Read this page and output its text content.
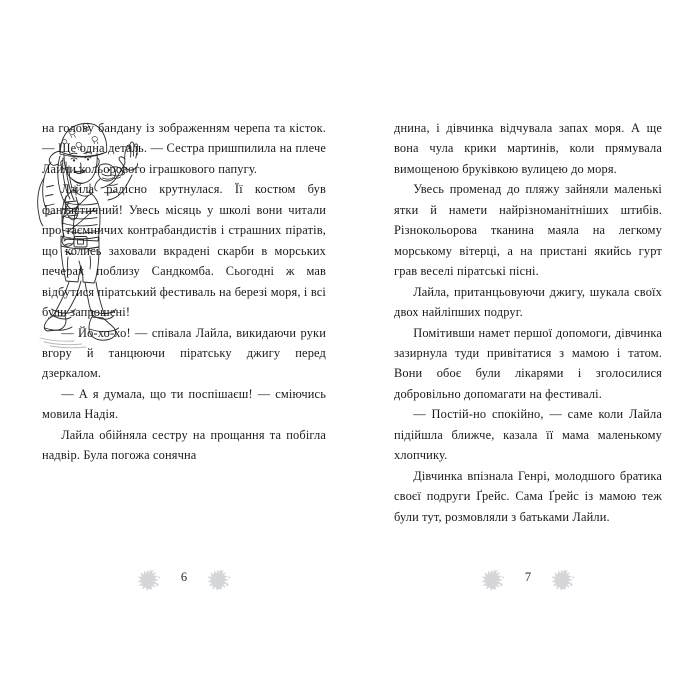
на голову бандану із зображенням черепа та кісток. — Ще одна деталь. — Сестра пришпилила на плече Лайли кольорового іграшкового папугу.

Лайла радісно крутнулася. Її костюм був фантастичний! Увесь місяць у школі вони читали про таємничих контрабандистів і страшних піратів, що колись заховали вкрадені скарби в морських печерах поблизу Сандкомба. Сьогодні ж мав відбутися піратський фестиваль на березі моря, і всі були запрошені!

— Йо-хо-хо! — співала Лайла, викидаючи руки вгору й танцюючи піратську джигу перед дзеркалом.

— А я думала, що ти поспішаєш! — сміючись мовила Надія.

Лайла обійняла сестру на прощання та побігла надвір. Була погожа сонячна

днина, і дівчинка відчувала запах моря. А ще вона чула крики мартинів, коли прямувала вимощеною бруківкою вулицею до моря.

Увесь променад до пляжу зайняли маленькі ятки й намети найрізноманітніших штибів. Різнокольорова тканина маяла на легкому морському вітерці, а на пристані якийсь гурт грав веселі піратські пісні.

Лайла, пританцьовуючи джигу, шукала своїх двох найліпших подруг.

Помітивши намет першої допомоги, дівчинка зазирнула туди привітатися з мамою і татом. Вони обоє були лікарями і зголосилися добровільно допомагати на фестивалі.

— Постій-но спокійно, — саме коли Лайла підійшла ближче, казала її мама маленькому хлопчику.

Дівчинка впізнала Генрі, молодшого братика своєї подруги Ґрейс. Сама Ґрейс із мамою теж були тут, розмовляли з батьками Лайли.

6	7
